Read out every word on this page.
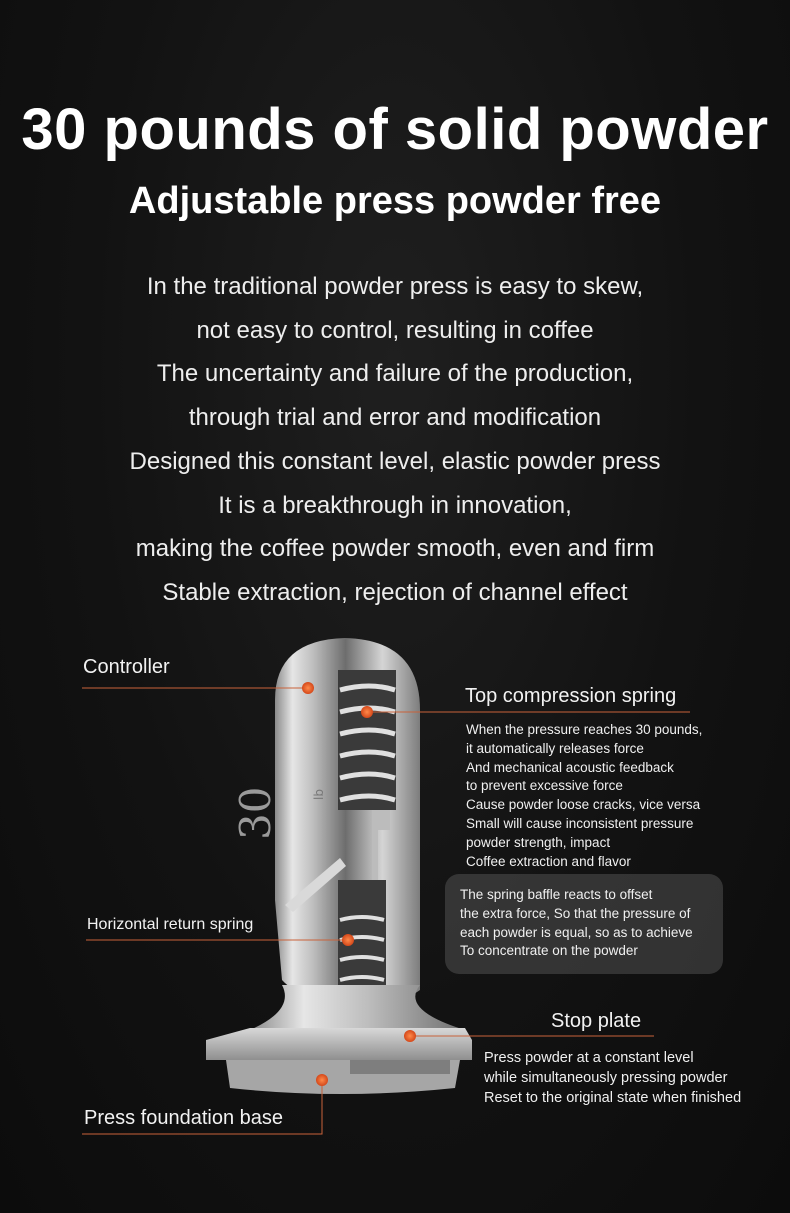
30 pounds of solid powder
Adjustable press powder free
In the traditional powder press is easy to skew,
not easy to control, resulting in coffee
The uncertainty and failure of the production,
through trial and error and modification
Designed this constant level, elastic powder press
It is a breakthrough in innovation,
making the coffee powder smooth, even and firm
Stable extraction, rejection of channel effect
30	lb
Controller
Top compression spring
When the pressure reaches 30 pounds,
it automatically releases force
And mechanical acoustic feedback
to prevent excessive force
Cause powder loose cracks, vice versa
Small will cause inconsistent pressure
powder strength, impact
Coffee extraction and flavor
The spring baffle reacts to offset
the extra force, So that the pressure of
each powder is equal, so as to achieve
To concentrate on the powder
Horizontal return spring
Stop plate
Press powder at a constant level
while simultaneously pressing powder
Reset to the original state when finished
Press foundation base
